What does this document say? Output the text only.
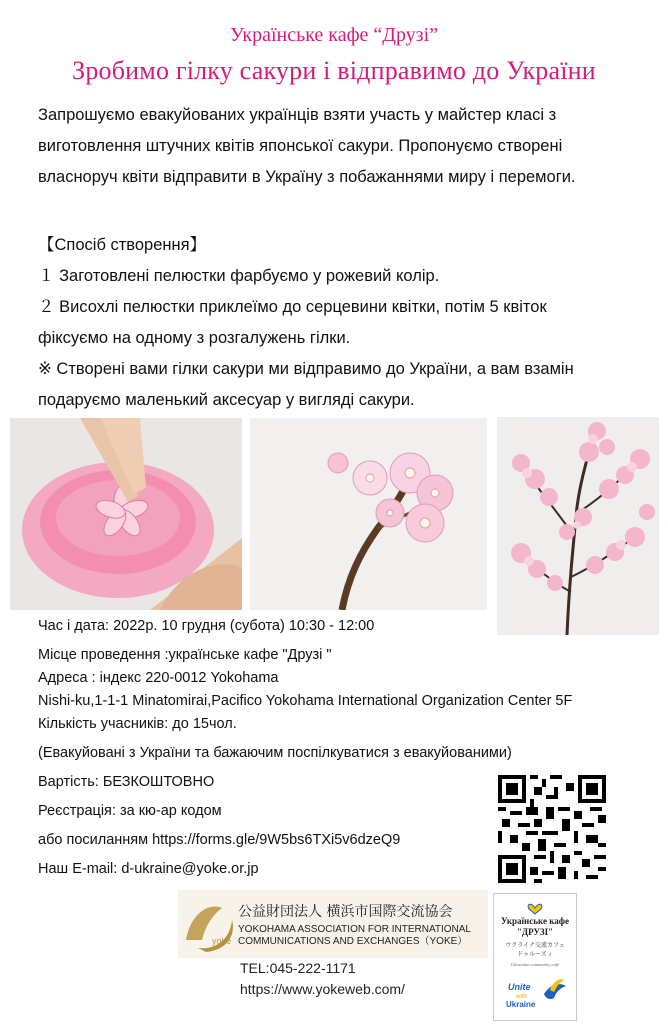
Українське кафе “Друзі”
Зробимо гілку сакури і відправимо до України
Запрошуємо евакуйованих українців взяти участь у майстер класі з
виготовлення штучних квітів японської сакури. Пропонуємо створені
власноруч квіти відправити в Україну з побажаннями миру і перемоги.
【Спосіб створення】
１ Заготовлені пелюстки фарбуємо у рожевий колір.
２ Висохлі пелюстки приклеїмо до серцевини квітки, потім 5 квіток
фіксуємо на одному з розгалужень гілки.
※ Створені вами гілки сакури ми відправимо до України, а вам взамін
подаруємо маленький аксесуар у вигляді сакури.
Час і дата: 2022р. 10 грудня (субота) 10:30 - 12:00
Місце проведення :українське кафе "Друзі "
Адреса : індекс 220-0012 Yokohama
Nishi-ku,1-1-1 Minatomirai,Pacifico Yokohama International Organization Center 5F
Кількість учасників: до 15чол.
(Евакуйовані з України та бажаючим поспілкуватися з евакуйованими)
Вартість: БЕЗКОШТОВНО
Реєстрація: за кю-ар кодом
або посиланням https://forms.gle/9W5bs6TXi5v6dzeQ9
Наш E-mail: d-ukraine@yoke.or.jp
yoke
公益財団法人 横浜市国際交流協会
YOKOHAMA ASSOCIATION FOR INTERNATIONAL
COMMUNICATIONS AND EXCHANGES（YOKE）
TEL:045-222-1171
https://www.yokeweb.com/
Українське кафе
"ДРУЗІ"
ウクライナ交流カフェ
ドゥルーズィ
Ukrainian community café
Unite
with
Ukraine
